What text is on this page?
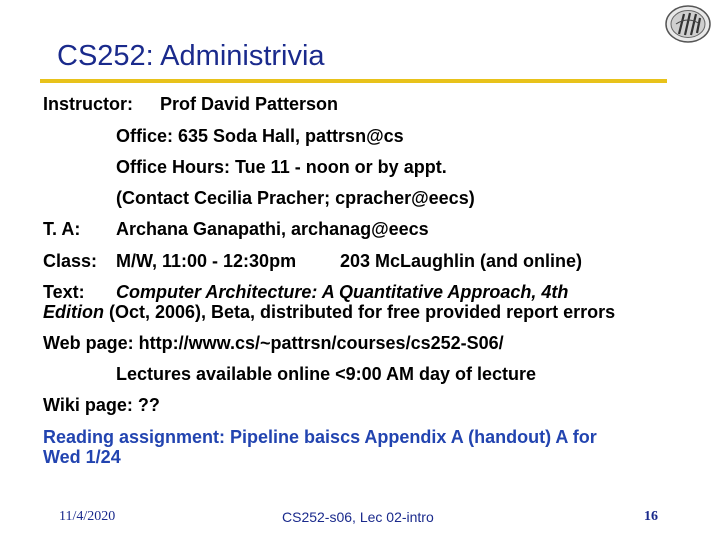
CS252: Administrivia
Instructor: Prof David Patterson
Office: 635 Soda Hall, pattrsn@cs
Office Hours: Tue 11 - noon or by appt.
(Contact Cecilia Pracher; cpracher@eecs)
T. A: Archana Ganapathi, archanag@eecs
Class: M/W, 11:00 - 12:30pm 203 McLaughlin (and online)
Text: Computer Architecture: A Quantitative Approach, 4th
Edition (Oct, 2006), Beta, distributed for free provided report errors
Web page: http://www.cs/~pattrsn/courses/cs252-S06/
Lectures available online <9:00 AM day of lecture
Wiki page: ??
Reading assignment: Pipeline baiscs Appendix A (handout) A for
Wed 1/24
11/4/2020	CS252-s06, Lec 02-intro	16
